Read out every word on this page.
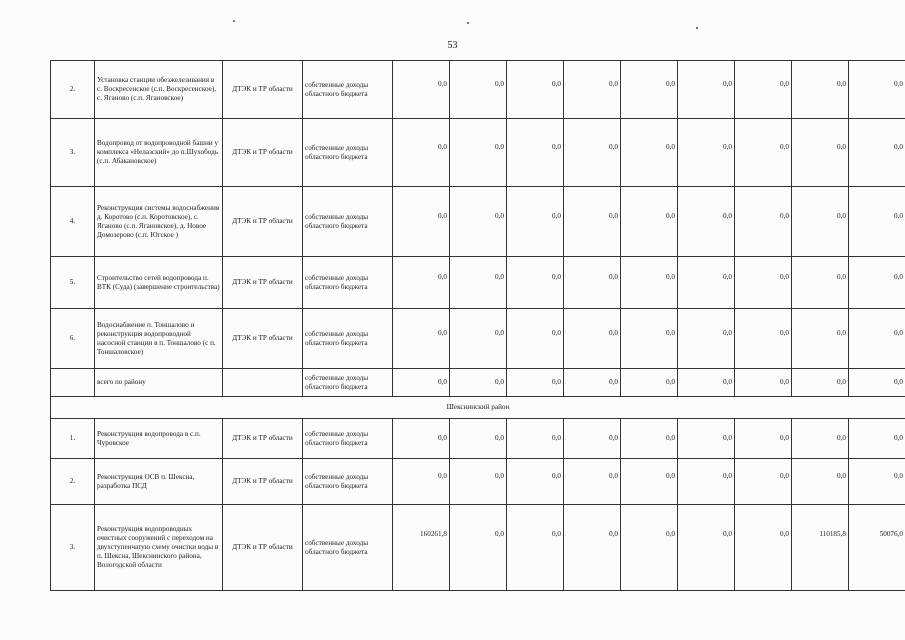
53
2.	Установка станции обезжелезивания в с. Воскресенское (с.п. Воскресенское), с. Яганово (с.п. Ягановское)	ДТЭК и ТР области	собственные доходы областного бюджета	0,0	0,0	0,0	0,0	0,0	0,0	0,0	0,0	0,0
3.	Водопровод от водопроводной башни у комплекса «Нелазский» до п.Шухободь (с.п. Абакановское)	ДТЭК и ТР области	собственные доходы областного бюджета	0,0	0,0	0,0	0,0	0,0	0,0	0,0	0,0	0,0
4.	Реконструкция системы водоснабжения д. Коротово (с.п. Коротовское), с. Яганово (с.п. Ягановское), д. Новое Домозерово (с.п. Югское )	ДТЭК и ТР области	собственные доходы областного бюджета	0,0	0,0	0,0	0,0	0,0	0,0	0,0	0,0	0,0
5.	Строительство сетей водопровода п. ВТК (Суда) (завершение строительства)	ДТЭК и ТР области	собственные доходы областного бюджета	0,0	0,0	0,0	0,0	0,0	0,0	0,0	0,0	0,0
6.	Водоснабжение п. Тоншалово и реконструкция водопроводной насосной станции в п. Тоншалово (с п. Тоншаловское)	ДТЭК и ТР области	собственные доходы областного бюджета	0,0	0,0	0,0	0,0	0,0	0,0	0,0	0,0	0,0
	всего по району		собственные доходы областного бюджета	0,0	0,0	0,0	0,0	0,0	0,0	0,0	0,0	0,0
Шекснинский район												
1.	Реконструкция водопровода в с.п. Чуровское	ДТЭК и ТР области	собственные доходы областного бюджета	0,0	0,0	0,0	0,0	0,0	0,0	0,0	0,0	0,0
2.	Реконструкция ОСВ п. Шексна, разработка ПСД	ДТЭК и ТР области	собственные доходы областного бюджета	0,0	0,0	0,0	0,0	0,0	0,0	0,0	0,0	0,0
3.	Реконструкция водопроводных очистных сооружений с переходом на двухступенчатую схему очистки воды в п. Шексна, Шекснинского района, Вологодской области	ДТЭК и ТР области	собственные доходы областного бюджета	160261,8	0,0	0,0	0,0	0,0	0,0	0,0	110185,8	50076,0
